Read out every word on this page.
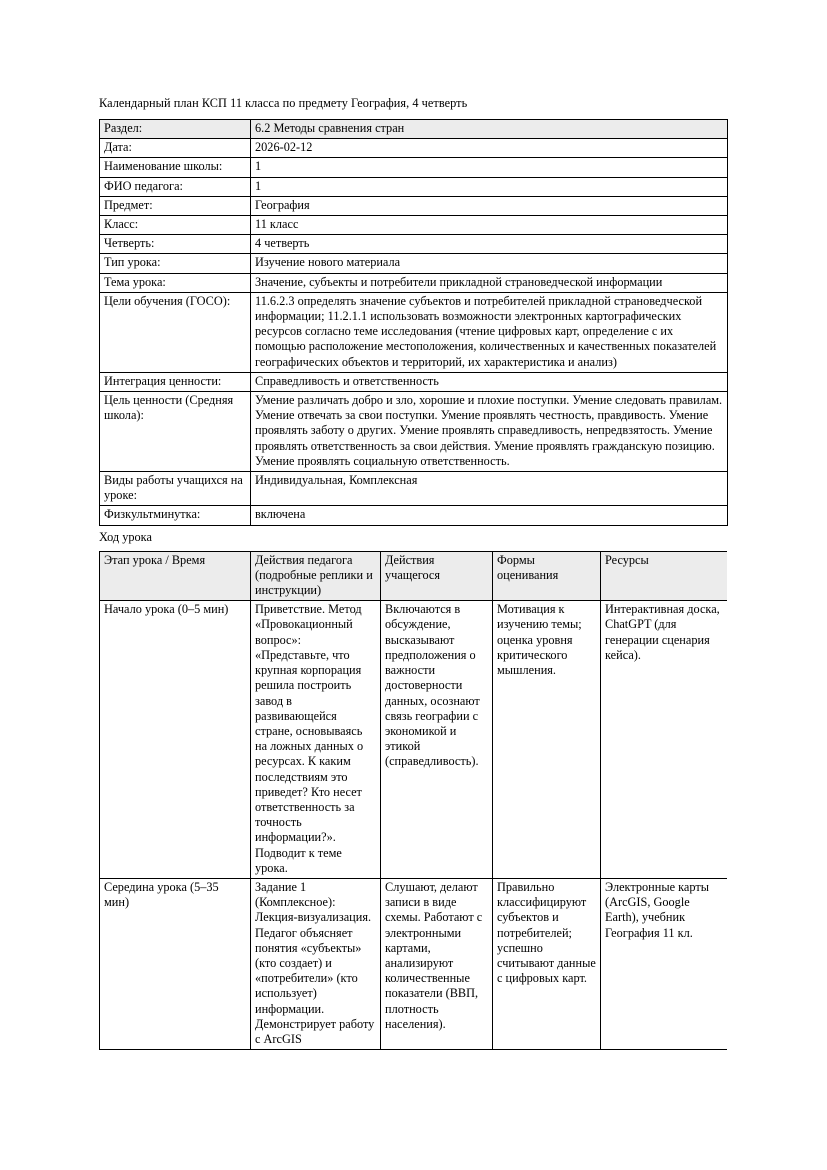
Календарный план КСП 11 класса по предмету География, 4 четверть

Раздел:	6.2 Методы сравнения стран
Дата:	2026-02-12
Наименование школы:	1
ФИО педагога:	1
Предмет:	География
Класс:	11 класс
Четверть:	4 четверть
Тип урока:	Изучение нового материала
Тема урока:	Значение, субъекты и потребители прикладной страноведческой информации
Цели обучения (ГОСО):	11.6.2.3 определять значение субъектов и потребителей прикладной страноведческой информации; 11.2.1.1 использовать возможности электронных картографических ресурсов согласно теме исследования (чтение цифровых карт, определение с их помощью расположение местоположения, количественных и качественных показателей географических объектов и территорий, их характеристика и анализ)
Интеграция ценности:	Справедливость и ответственность
Цель ценности (Средняя школа):	Умение различать добро и зло, хорошие и плохие поступки. Умение следовать правилам. Умение отвечать за свои поступки. Умение проявлять честность, правдивость. Умение проявлять заботу о других. Умение проявлять справедливость, непредвзятость. Умение проявлять ответственность за свои действия. Умение проявлять гражданскую позицию. Умение проявлять социальную ответственность.
Виды работы учащихся на уроке:	Индивидуальная, Комплексная
Физкультминутка:	включена

Ход урока

Этап урока / Время	Действия педагога (подробные реплики и инструкции)	Действия учащегося	Формы оценивания	Ресурсы
Начало урока (0–5 мин)	Приветствие. Метод «Провокационный вопрос»: «Представьте, что крупная корпорация решила построить завод в развивающейся стране, основываясь на ложных данных о ресурсах. К каким последствиям это приведет? Кто несет ответственность за точность информации?». Подводит к теме урока.	Включаются в обсуждение, высказывают предположения о важности достоверности данных, осознают связь географии с экономикой и этикой (справедливость).	Мотивация к изучению темы; оценка уровня критического мышления.	Интерактивная доска, ChatGPT (для генерации сценария кейса).
Середина урока (5–35 мин)	Задание 1 (Комплексное): Лекция-визуализация. Педагог объясняет понятия «субъекты» (кто создает) и «потребители» (кто использует) информации. Демонстрирует работу с ArcGIS	Слушают, делают записи в виде схемы. Работают с электронными картами, анализируют количественные показатели (ВВП, плотность населения).	Правильно классифицируют субъектов и потребителей; успешно считывают данные с цифровых карт.	Электронные карты (ArcGIS, Google Earth), учебник География 11 кл.
